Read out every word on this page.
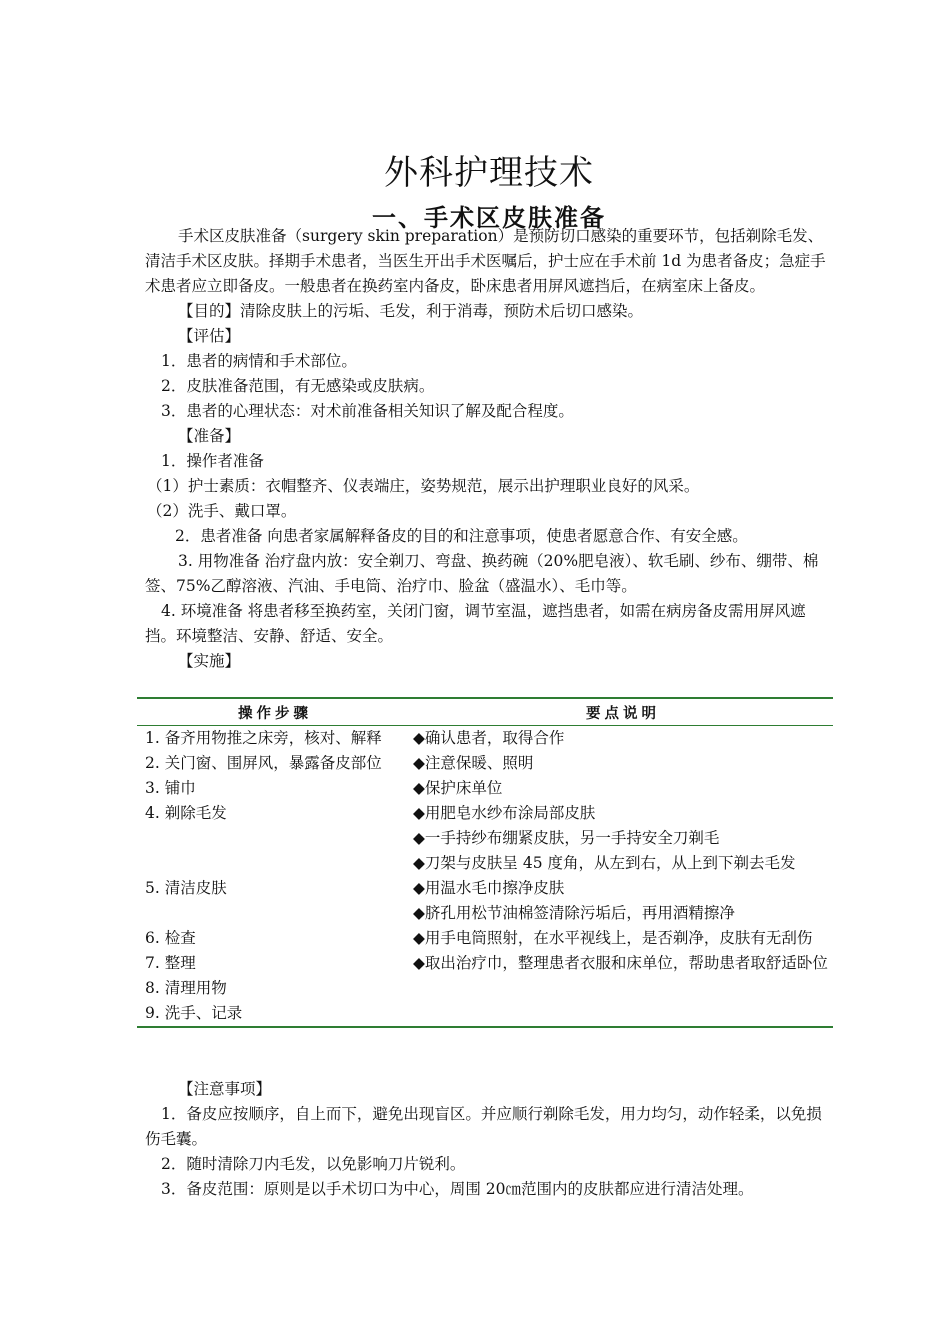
外科护理技术
一、手术区皮肤准备

手术区皮肤准备（surgery skin preparation）是预防切口感染的重要环节，包括剃除毛发、清洁手术区皮肤。择期手术患者，当医生开出手术医嘱后，护士应在手术前 1d 为患者备皮；急症手术患者应立即备皮。一般患者在换药室内备皮，卧床患者用屏风遮挡后，在病室床上备皮。

【目的】清除皮肤上的污垢、毛发，利于消毒，预防术后切口感染。

【评估】

1．患者的病情和手术部位。

2．皮肤准备范围，有无感染或皮肤病。

3．患者的心理状态：对术前准备相关知识了解及配合程度。

【准备】

1．操作者准备

（1）护士素质：衣帽整齐、仪表端庄，姿势规范，展示出护理职业良好的风采。

（2）洗手、戴口罩。

2．患者准备 向患者家属解释备皮的目的和注意事项，使患者愿意合作、有安全感。

3. 用物准备 治疗盘内放：安全剃刀、弯盘、换药碗（20%肥皂液）、软毛刷、纱布、绷带、棉签、75%乙醇溶液、汽油、手电筒、治疗巾、脸盆（盛温水）、毛巾等。

4. 环境准备 将患者移至换药室，关闭门窗，调节室温，遮挡患者，如需在病房备皮需用屏风遮挡。环境整洁、安静、舒适、安全。

【实施】

操作步骤	要点说明
1. 备齐用物推之床旁，核对、解释	◆确认患者，取得合作

2. 关门窗、围屏风，暴露备皮部位	◆注意保暖、照明

3. 铺巾	◆保护床单位

4. 剃除毛发	◆用肥皂水纱布涂局部皮肤
◆一手持纱布绷紧皮肤，另一手持安全刀剃毛
◆刀架与皮肤呈 45 度角，从左到右，从上到下剃去毛发

5. 清洁皮肤	◆用温水毛巾擦净皮肤
◆脐孔用松节油棉签清除污垢后，再用酒精擦净

6. 检查	◆用手电筒照射，在水平视线上，是否剃净，皮肤有无刮伤

7. 整理	◆取出治疗巾，整理患者衣服和床单位，帮助患者取舒适卧位

8. 清理用物	
9. 洗手、记录	

【注意事项】

1．备皮应按顺序，自上而下，避免出现盲区。并应顺行剃除毛发，用力均匀，动作轻柔，以免损伤毛囊。

2．随时清除刀内毛发，以免影响刀片锐利。

3．备皮范围：原则是以手术切口为中心，周围 20㎝范围内的皮肤都应进行清洁处理。
